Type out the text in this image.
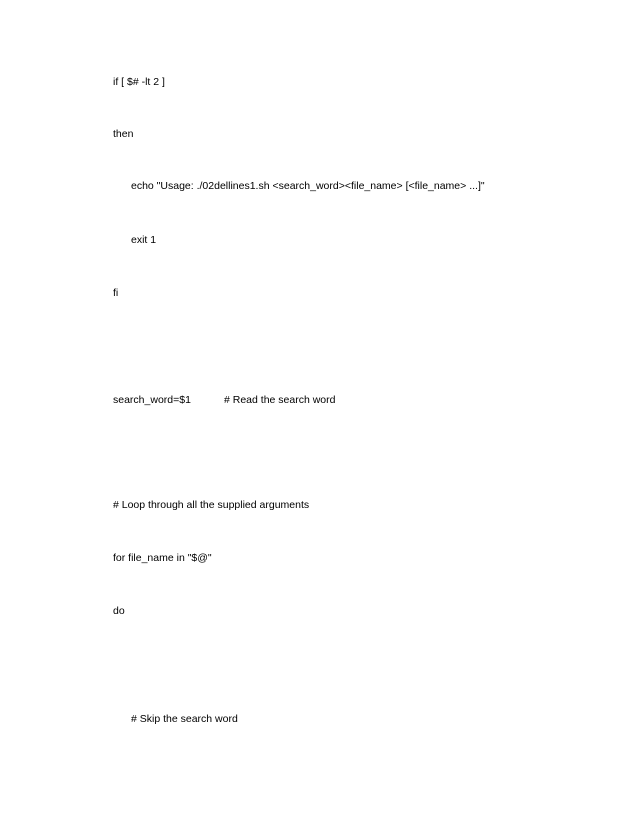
if [ $# -lt 2 ]
then
echo "Usage: ./02dellines1.sh <search_word><file_name> [<file_name> ...]"
exit 1
fi
search_word=$1	# Read the search word
# Loop through all the supplied arguments
for file_name in "$@"
do
# Skip the search word
